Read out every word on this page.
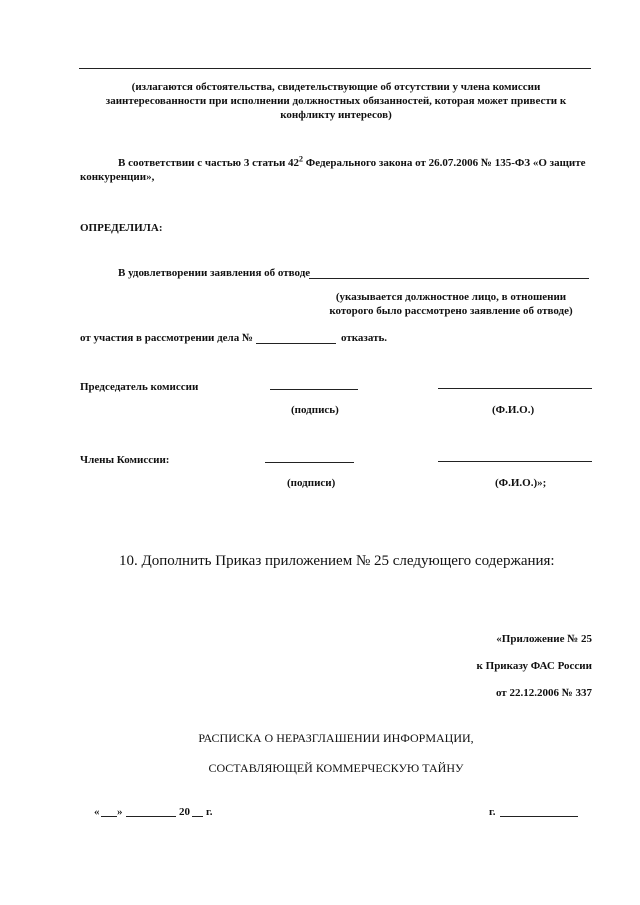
(излагаются обстоятельства, свидетельствующие об отсутствии у члена комиссии
заинтересованности при исполнении должностных обязанностей, которая может привести к
конфликту интересов)
В соответствии с частью 3 статьи $42^2$ Федерального закона от 26.07.2006 № 135-ФЗ «О защите
конкуренции»,
ОПРЕДЕЛИЛА:
В удовлетворении заявления об отводе
(указывается должностное лицо, в отношении
которого было рассмотрено заявление об отводе)
от участия в рассмотрении дела №	отказать.
Председатель комиссии
(подпись)	(Ф.И.О.)
Члены Комиссии:
(подписи)	(Ф.И.О.)»;
10. Дополнить Приказ приложением № 25 следующего содержания:
«Приложение № 25
к Приказу ФАС России
от 22.12.2006 № 337
РАСПИСКА О НЕРАЗГЛАШЕНИИ ИНФОРМАЦИИ,
СОСТАВЛЯЮЩЕЙ КОММЕРЧЕСКУЮ ТАЙНУ
« »	20 г.	г.
